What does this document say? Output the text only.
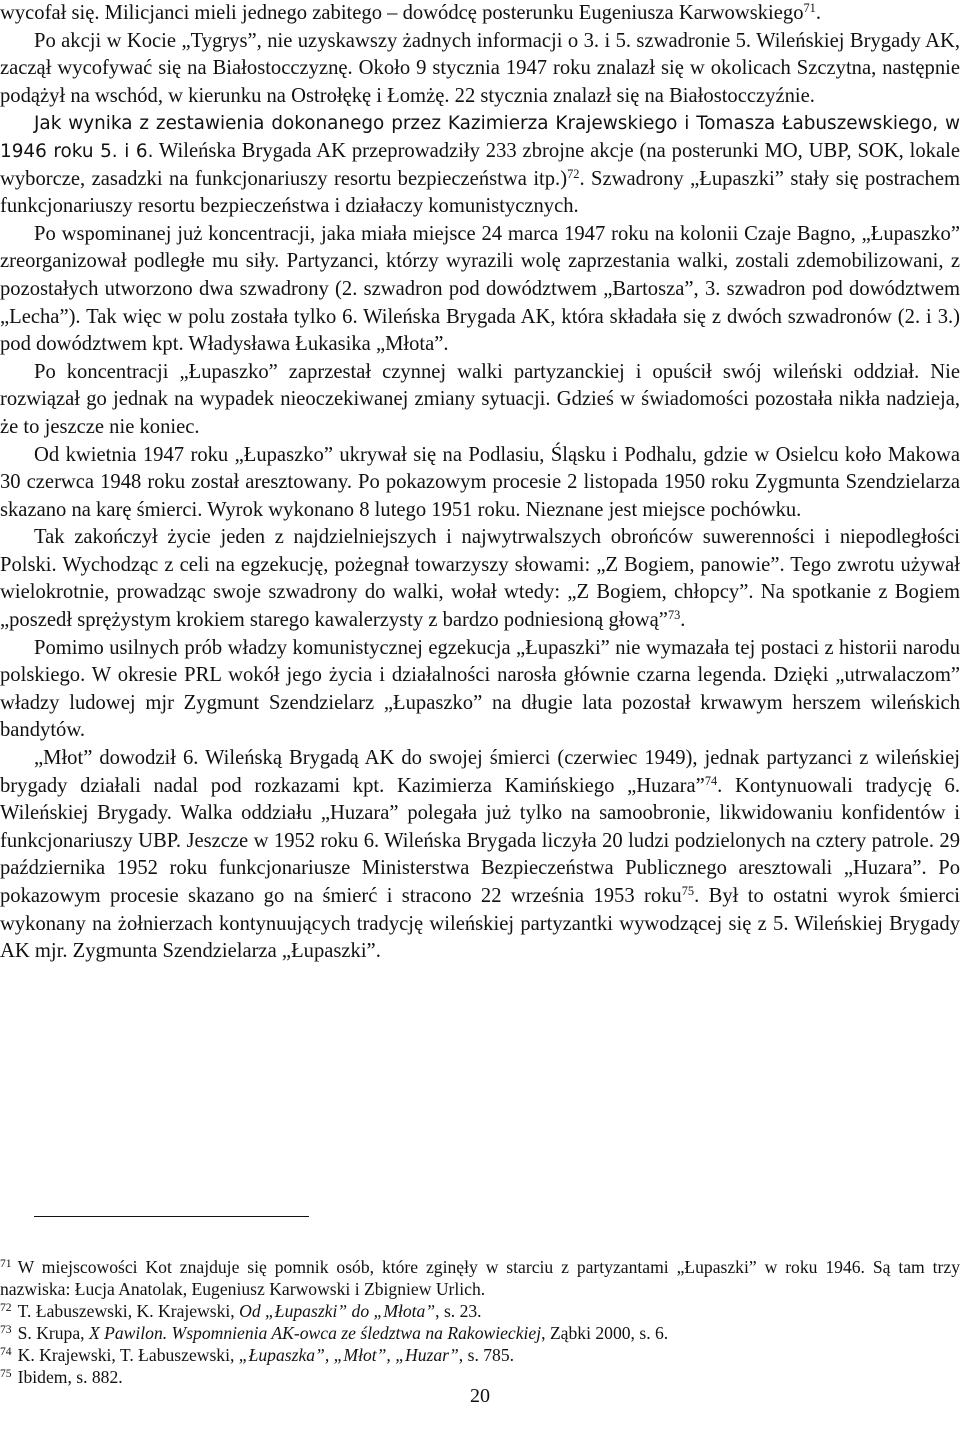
wycofał się. Milicjanci mieli jednego zabitego – dowódcę posterunku Eugeniusza Karwowskiego$^{71}$.

Po akcji w Kocie „Tygrys”, nie uzyskawszy żadnych informacji o 3. i 5. szwadronie 5. Wileńskiej Brygady AK, zaczął wycofywać się na Białostocczyznę. Około 9 stycznia 1947 roku znalazł się w okolicach Szczytna, następnie podążył na wschód, w kierunku na Ostrołękę i Łomżę. 22 stycznia znalazł się na Białostocczyźnie.

Jak wynika z zestawienia dokonanego przez Kazimierza Krajewskiego i Tomasza Łabuszewskiego, w 1946 roku 5. i 6. Wileńska Brygada AK przeprowadziły 233 zbrojne akcje (na posterunki MO, UBP, SOK, lokale wyborcze, zasadzki na funkcjonariuszy resortu bezpieczeństwa itp.)$^{72}$. Szwadrony „Łupaszki” stały się postrachem funkcjonariuszy resortu bezpieczeństwa i działaczy komunistycznych.

Po wspominanej już koncentracji, jaka miała miejsce 24 marca 1947 roku na kolonii Czaje Bagno, „Łupaszko” zreorganizował podległe mu siły. Partyzanci, którzy wyrazili wolę zaprzestania walki, zostali zdemobilizowani, z pozostałych utworzono dwa szwadrony (2. szwadron pod dowództwem „Bartosza”, 3. szwadron pod dowództwem „Lecha”). Tak więc w polu została tylko 6. Wileńska Brygada AK, która składała się z dwóch szwadronów (2. i 3.) pod dowództwem kpt. Władysława Łukasika „Młota”.

Po koncentracji „Łupaszko” zaprzestał czynnej walki partyzanckiej i opuścił swój wileński oddział. Nie rozwiązał go jednak na wypadek nieoczekiwanej zmiany sytuacji. Gdzieś w świadomości pozostała nikła nadzieja, że to jeszcze nie koniec.

Od kwietnia 1947 roku „Łupaszko” ukrywał się na Podlasiu, Śląsku i Podhalu, gdzie w Osielcu koło Makowa 30 czerwca 1948 roku został aresztowany. Po pokazowym procesie 2 listopada 1950 roku Zygmunta Szendzielarza skazano na karę śmierci. Wyrok wykonano 8 lutego 1951 roku. Nieznane jest miejsce pochówku.

Tak zakończył życie jeden z najdzielniejszych i najwytrwalszych obrońców suwerenności i niepodległości Polski. Wychodząc z celi na egzekucję, pożegnał towarzyszy słowami: „Z Bogiem, panowie”. Tego zwrotu używał wielokrotnie, prowadząc swoje szwadrony do walki, wołał wtedy: „Z Bogiem, chłopcy”. Na spotkanie z Bogiem „poszedł sprężystym krokiem starego kawalerzysty z bardzo podniesioną głową”$^{73}$.

Pomimo usilnych prób władzy komunistycznej egzekucja „Łupaszki” nie wymazała tej postaci z historii narodu polskiego. W okresie PRL wokół jego życia i działalności narosła głównie czarna legenda. Dzięki „utrwalaczom” władzy ludowej mjr Zygmunt Szendzielarz „Łupaszko” na długie lata pozostał krwawym herszem wileńskich bandytów.

„Młot” dowodził 6. Wileńską Brygadą AK do swojej śmierci (czerwiec 1949), jednak partyzanci z wileńskiej brygady działali nadal pod rozkazami kpt. Kazimierza Kamińskiego „Huzara”$^{74}$. Kontynuowali tradycję 6. Wileńskiej Brygady. Walka oddziału „Huzara” polegała już tylko na samoobronie, likwidowaniu konfidentów i funkcjonariuszy UBP. Jeszcze w 1952 roku 6. Wileńska Brygada liczyła 20 ludzi podzielonych na cztery patrole. 29 października 1952 roku funkcjonariusze Ministerstwa Bezpieczeństwa Publicznego aresztowali „Huzara”. Po pokazowym procesie skazano go na śmierć i stracono 22 września 1953 roku$^{75}$. Był to ostatni wyrok śmierci wykonany na żołnierzach kontynuujących tradycję wileńskiej partyzantki wywodzącej się z 5. Wileńskiej Brygady AK mjr. Zygmunta Szendzielarza „Łupaszki”.

$^{71}$ W miejscowości Kot znajduje się pomnik osób, które zginęły w starciu z partyzantami „Łupaszki” w roku 1946. Są tam trzy nazwiska: Łucja Anatolak, Eugeniusz Karwowski i Zbigniew Urlich.

$^{72}$ T. Łabuszewski, K. Krajewski, Od „Łupaszki” do „Młota”, s. 23.

$^{73}$ S. Krupa, X Pawilon. Wspomnienia AK-owca ze śledztwa na Rakowieckiej, Ząbki 2000, s. 6.

$^{74}$ K. Krajewski, T. Łabuszewski, „Łupaszka”, „Młot”, „Huzar”, s. 785.

$^{75}$ Ibidem, s. 882.

20
